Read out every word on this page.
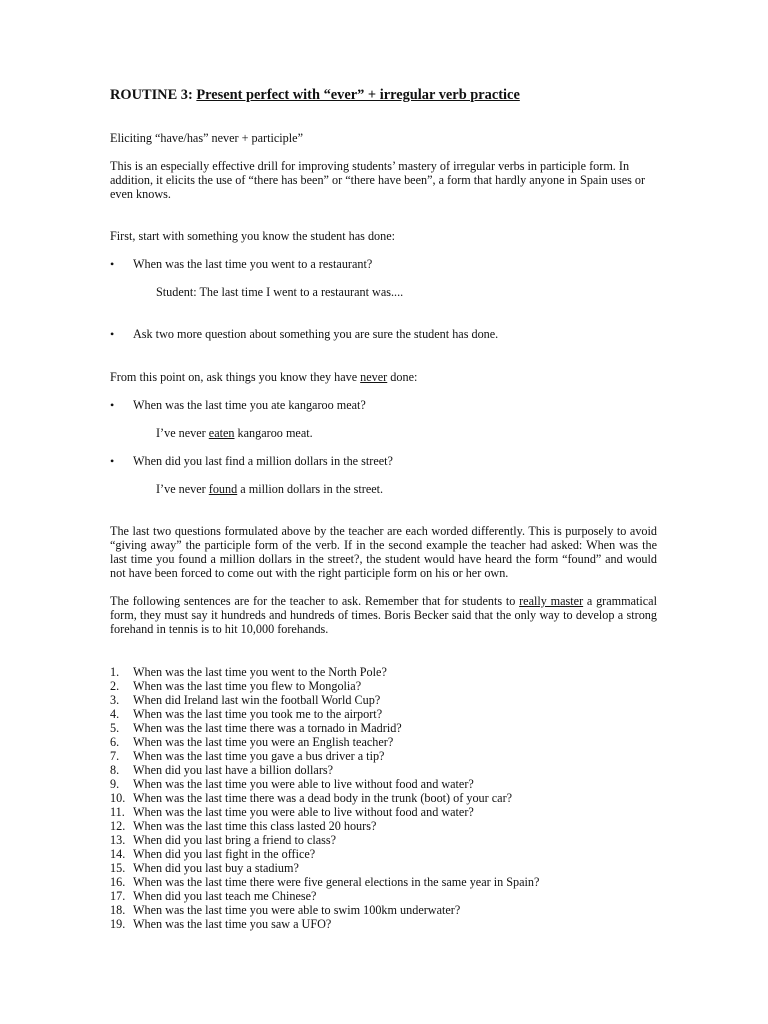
ROUTINE 3: Present perfect with “ever” + irregular verb practice
Eliciting “have/has” never + participle”
This is an especially effective drill for improving students’ mastery of irregular verbs in participle form. In addition, it elicits the use of “there has been” or “there have been”, a form that hardly anyone in Spain uses or even knows.
First, start with something you know the student has done:
• When was the last time you went to a restaurant?
Student: The last time I went to a restaurant was....
• Ask two more question about something you are sure the student has done.
From this point on, ask things you know they have never done:
• When was the last time you ate kangaroo meat?
I’ve never eaten kangaroo meat.
• When did you last find a million dollars in the street?
I’ve never found a million dollars in the street.
The last two questions formulated above by the teacher are each worded differently. This is purposely to avoid “giving away” the participle form of the verb. If in the second example the teacher had asked: When was the last time you found a million dollars in the street?, the student would have heard the form “found” and would not have been forced to come out with the right participle form on his or her own.
The following sentences are for the teacher to ask. Remember that for students to really master a grammatical form, they must say it hundreds and hundreds of times. Boris Becker said that the only way to develop a strong forehand in tennis is to hit 10,000 forehands.
1. When was the last time you went to the North Pole?
2. When was the last time you flew to Mongolia?
3. When did Ireland last win the football World Cup?
4. When was the last time you took me to the airport?
5. When was the last time there was a tornado in Madrid?
6. When was the last time you were an English teacher?
7. When was the last time you gave a bus driver a tip?
8. When did you last have a billion dollars?
9. When was the last time you were able to live without food and water?
10. When was the last time there was a dead body in the trunk (boot) of your car?
11. When was the last time you were able to live without food and water?
12. When was the last time this class lasted 20 hours?
13. When did you last bring a friend to class?
14. When did you last fight in the office?
15. When did you last buy a stadium?
16. When was the last time there were five general elections in the same year in Spain?
17. When did you last teach me Chinese?
18. When was the last time you were able to swim 100km underwater?
19. When was the last time you saw a UFO?
